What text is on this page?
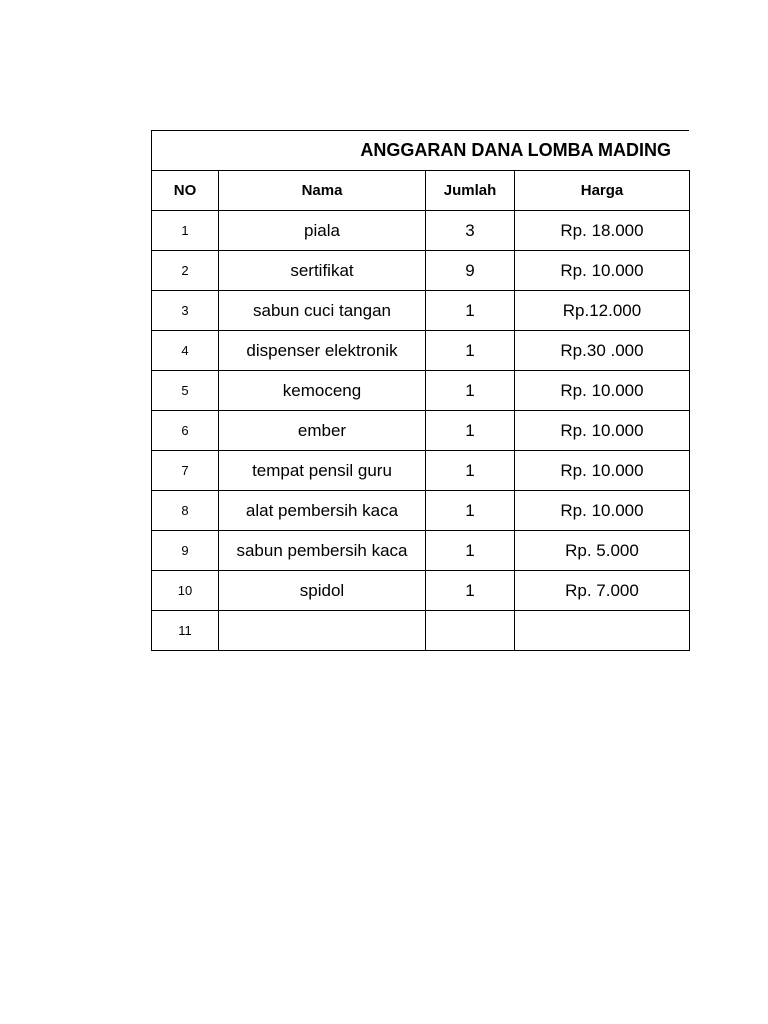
ANGGARAN DANA LOMBA MADING
NO	Nama	Jumlah	Harga
1	piala	3	Rp. 18.000
2	sertifikat	9	Rp. 10.000
3	sabun cuci tangan	1	Rp.12.000
4	dispenser elektronik	1	Rp.30 .000
5	kemoceng	1	Rp. 10.000
6	ember	1	Rp. 10.000
7	tempat pensil guru	1	Rp. 10.000
8	alat pembersih kaca	1	Rp. 10.000
9	sabun pembersih kaca	1	Rp. 5.000
10	spidol	1	Rp. 7.000
11			
